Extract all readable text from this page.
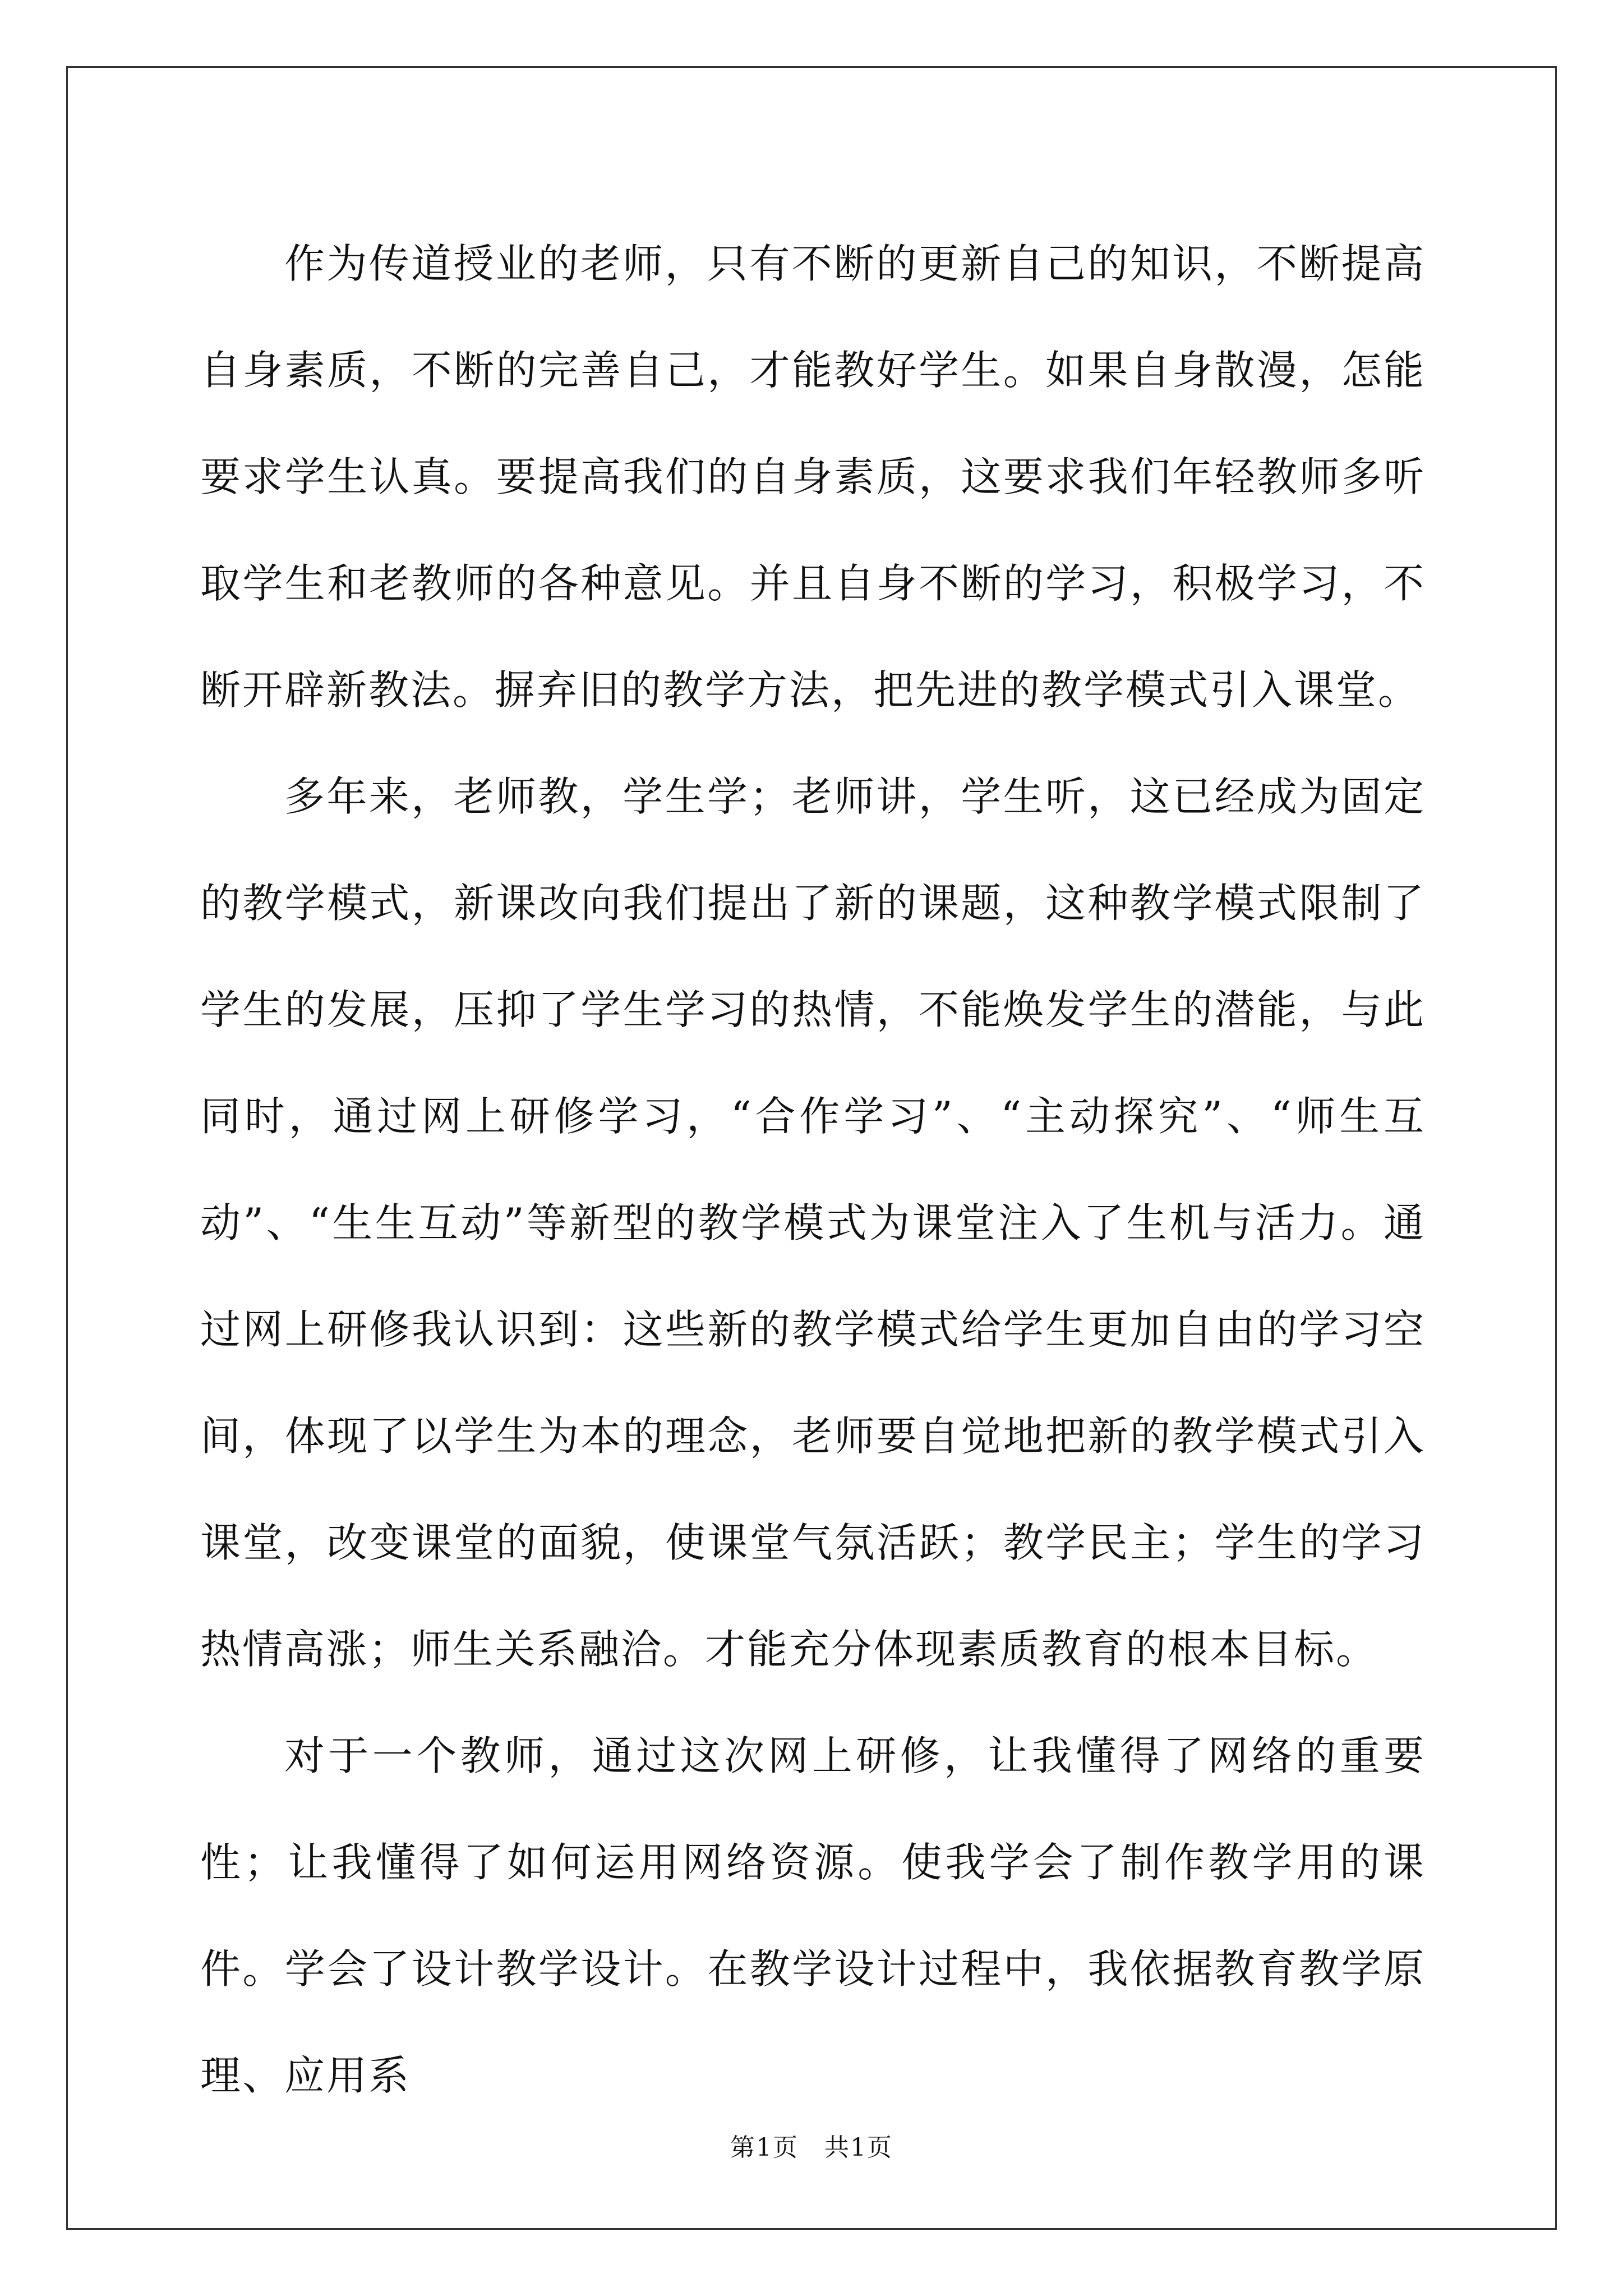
作为传道授业的老师，只有不断的更新自己的知识，不断提高自身素质，不断的完善自己，才能教好学生。如果自身散漫，怎能要求学生认真。要提高我们的自身素质，这要求我们年轻教师多听取学生和老教师的各种意见。并且自身不断的学习，积极学习，不断开辟新教法。摒弃旧的教学方法，把先进的教学模式引入课堂。

多年来，老师教，学生学；老师讲，学生听，这已经成为固定的教学模式，新课改向我们提出了新的课题，这种教学模式限制了学生的发展，压抑了学生学习的热情，不能焕发学生的潜能，与此同时，通过网上研修学习，“合作学习”、“主动探究”、“师生互动”、“生生互动”等新型的教学模式为课堂注入了生机与活力。通过网上研修我认识到：这些新的教学模式给学生更加自由的学习空间，体现了以学生为本的理念，老师要自觉地把新的教学模式引入课堂，改变课堂的面貌，使课堂气氛活跃；教学民主；学生的学习热情高涨；师生关系融洽。才能充分体现素质教育的根本目标。

对于一个教师，通过这次网上研修，让我懂得了网络的重要性；让我懂得了如何运用网络资源。使我学会了制作教学用的课件。学会了设计教学设计。在教学设计过程中，我依据教育教学原理、应用系

第1页　共1页
